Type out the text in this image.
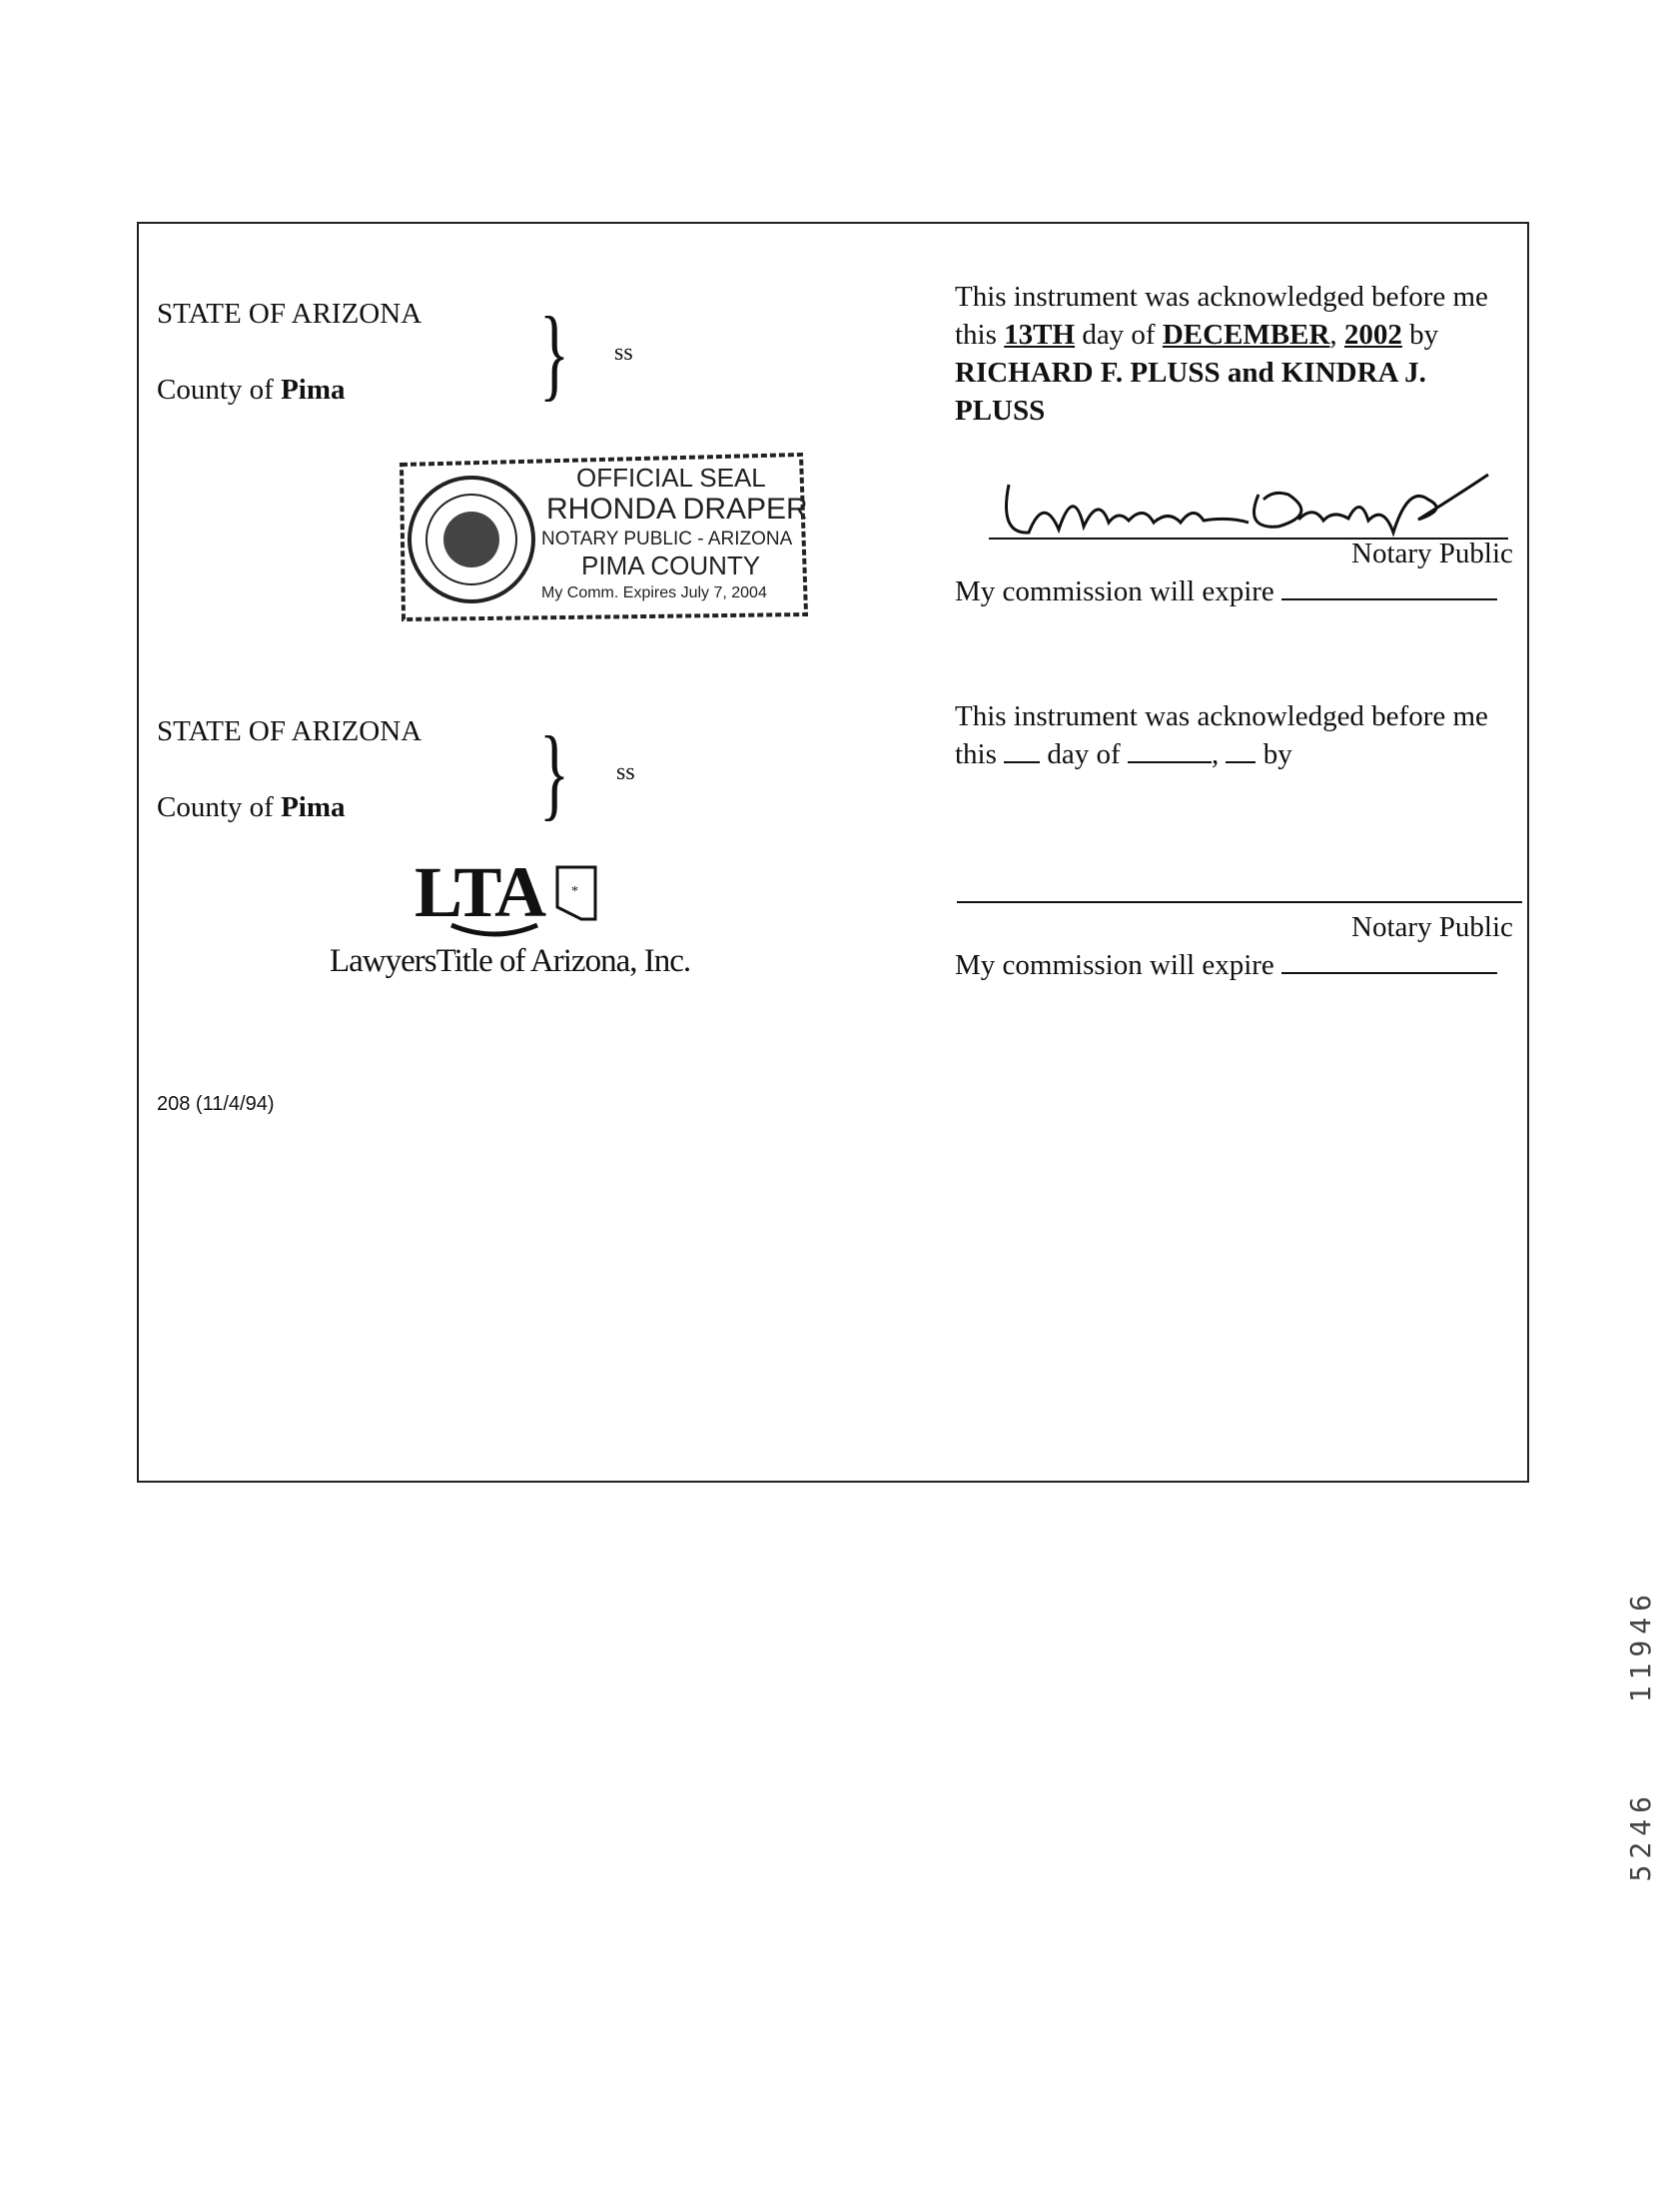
STATE OF ARIZONA
County of Pima } ss
This instrument was acknowledged before me
this 13TH day of DECEMBER, 2002 by
RICHARD F. PLUSS and KINDRA J.
PLUSS
Notary Public
My commission will expire
OFFICIAL SEAL
RHONDA DRAPER
NOTARY PUBLIC - ARIZONA
PIMA COUNTY
My Comm. Expires July 7, 2004
STATE OF ARIZONA
County of Pima } ss
This instrument was acknowledged before me
this  day of	,  by
Notary Public
My commission will expire
LTA *
LawyersTitle of Arizona, Inc.
208 (11/4/94)
11946
5246
